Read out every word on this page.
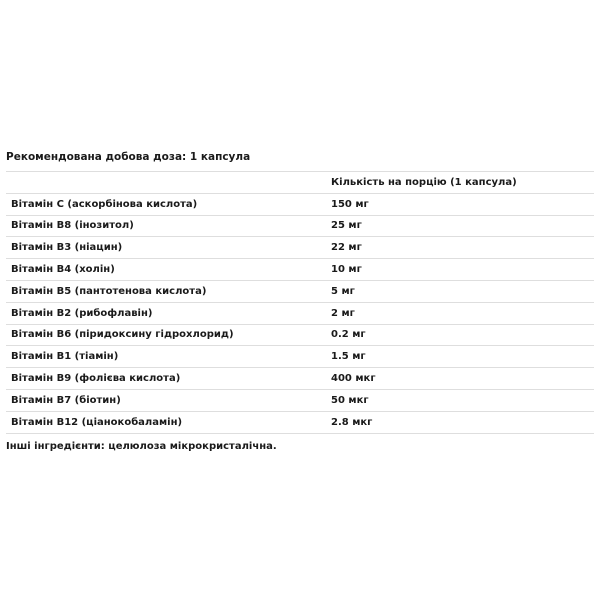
Рекомендована добова доза: 1 капсула

	Кількість на порцію (1 капсула)
Вітамін C (аскорбінова кислота)	150 мг
Вітамін B8 (інозитол)	25 мг
Вітамін B3 (ніацин)	22 мг
Вітамін B4 (холін)	10 мг
Вітамін B5 (пантотенова кислота)	5 мг
Вітамін B2 (рибофлавін)	2 мг
Вітамін B6 (піридоксину гідрохлорид)	0.2 мг
Вітамін B1 (тіамін)	1.5 мг
Вітамін B9 (фолієва кислота)	400 мкг
Вітамін B7 (біотин)	50 мкг
Вітамін B12 (ціанокобаламін)	2.8 мкг

Інші інгредієнти: целюлоза мікрокристалічна.
